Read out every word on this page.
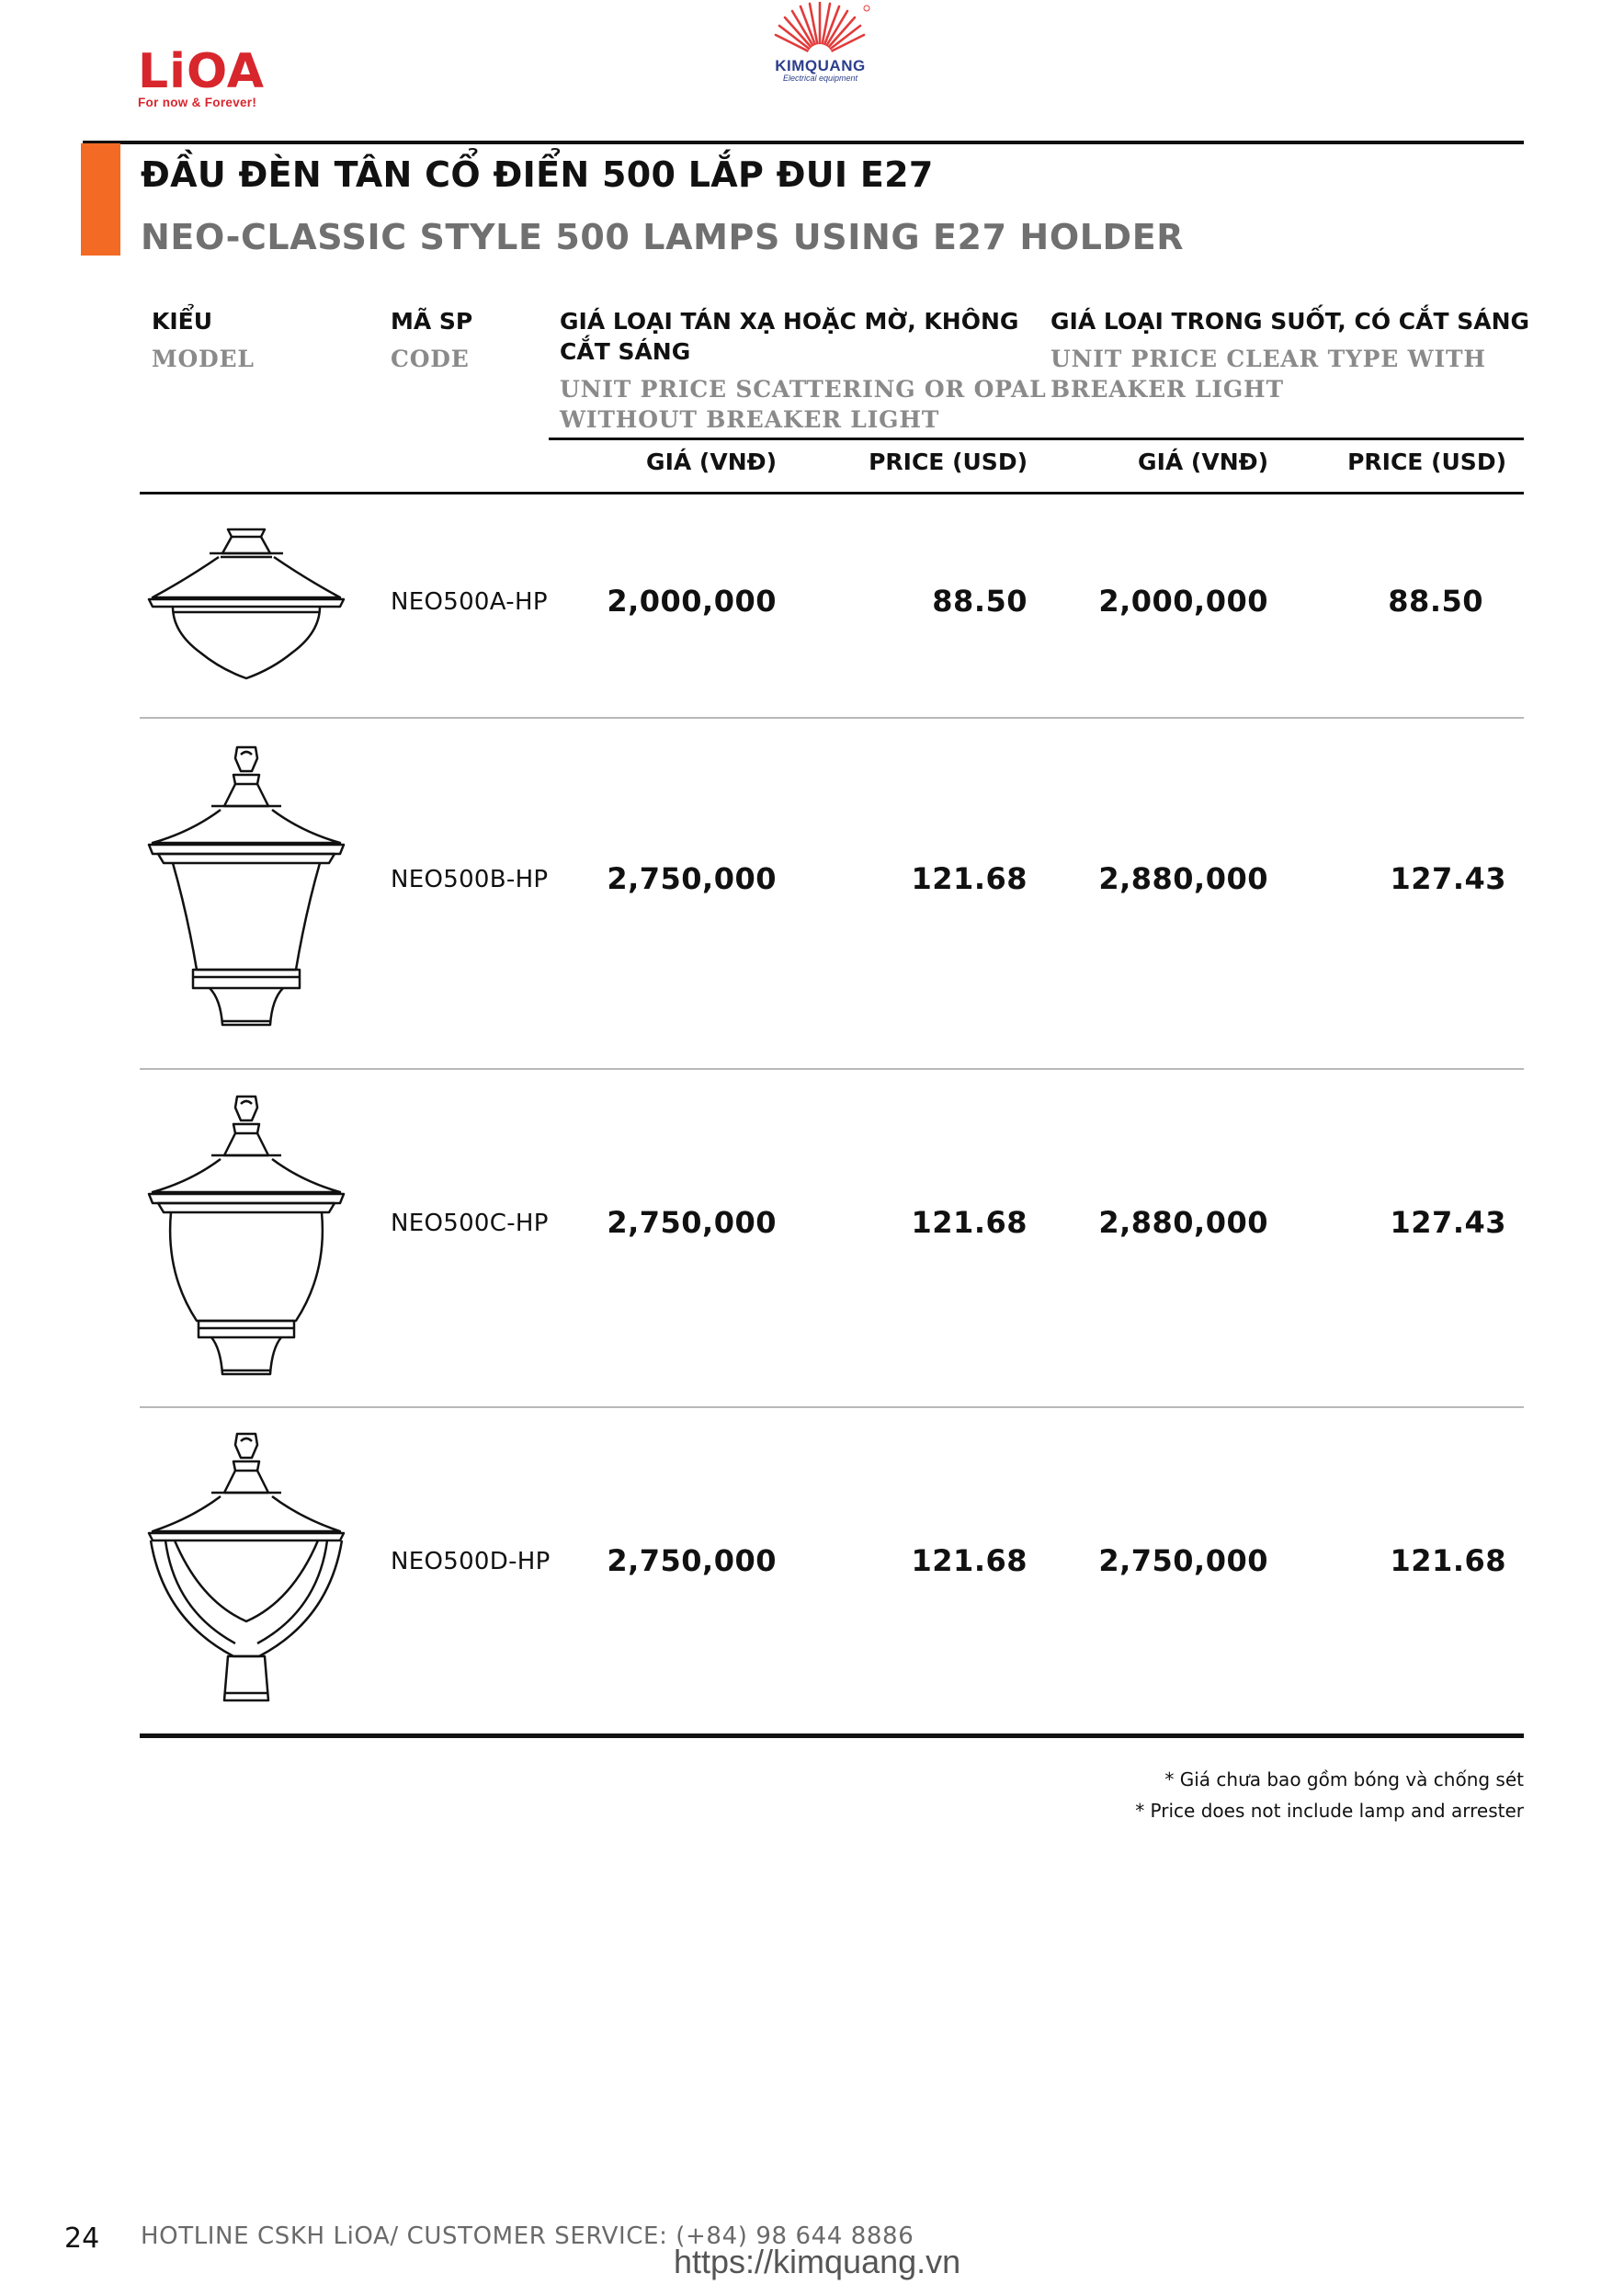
LiOA
For now & Forever!
KIMQUANG
Electrical equipment
ĐẦU ĐÈN TÂN CỔ ĐIỂN 500 LẮP ĐUI E27
NEO-CLASSIC STYLE 500 LAMPS USING E27 HOLDER
KIỂU
MODEL
MÃ SP
CODE
GIÁ LOẠI TÁN XẠ HOẶC MỜ, KHÔNG
CẮT SÁNG
UNIT PRICE SCATTERING OR OPAL
WITHOUT BREAKER LIGHT
GIÁ LOẠI TRONG SUỐT, CÓ CẮT SÁNG
UNIT PRICE CLEAR TYPE WITH
BREAKER LIGHT
GIÁ (VNĐ)	PRICE (USD)	GIÁ (VNĐ)	PRICE (USD)
NEO500A-HP	2,000,000	88.50	2,000,000	88.50
NEO500B-HP	2,750,000	121.68	2,880,000	127.43
NEO500C-HP	2,750,000	121.68	2,880,000	127.43
NEO500D-HP	2,750,000	121.68	2,750,000	121.68
* Giá chưa bao gồm bóng và chống sét
* Price does not include lamp and arrester
24 HOTLINE CSKH LiOA/ CUSTOMER SERVICE: (+84) 98 644 8886
https://kimquang.vn
